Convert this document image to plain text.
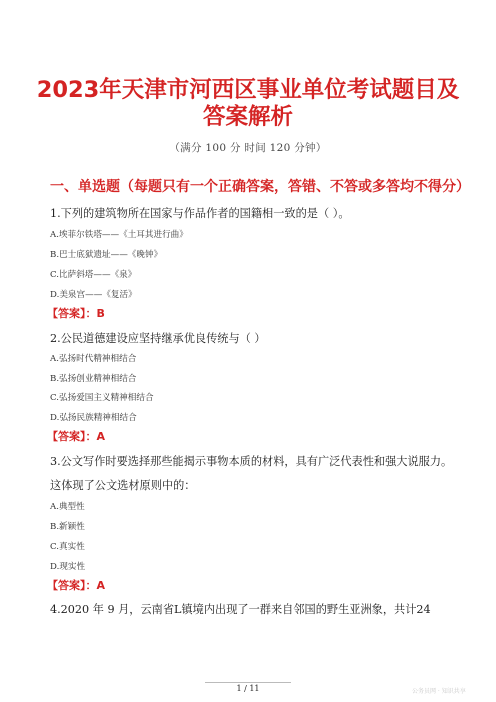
2023年天津市河西区事业单位考试题目及
答案解析
（满分 100 分 时间 120 分钟）
一、单选题（每题只有一个正确答案，答错、不答或多答均不得分）
1.下列的建筑物所在国家与作品作者的国籍相一致的是（ ）。
A.埃菲尔铁塔——《土耳其进行曲》
B.巴士底狱遗址——《晚钟》
C.比萨斜塔——《泉》
D.美泉宫——《复活》
【答案】：B
2.公民道德建设应坚持继承优良传统与（ ）
A.弘扬时代精神相结合
B.弘扬创业精神相结合
C.弘扬爱国主义精神相结合
D.弘扬民族精神相结合
【答案】：A
3.公文写作时要选择那些能揭示事物本质的材料，具有广泛代表性和强大说服力。
这体现了公文选材原则中的：
A.典型性
B.新颖性
C.真实性
D.现实性
【答案】：A
4.2020 年 9 月，云南省L镇境内出现了一群来自邻国的野生亚洲象，共计24
1 / 11	公务员网 · 知识共享
